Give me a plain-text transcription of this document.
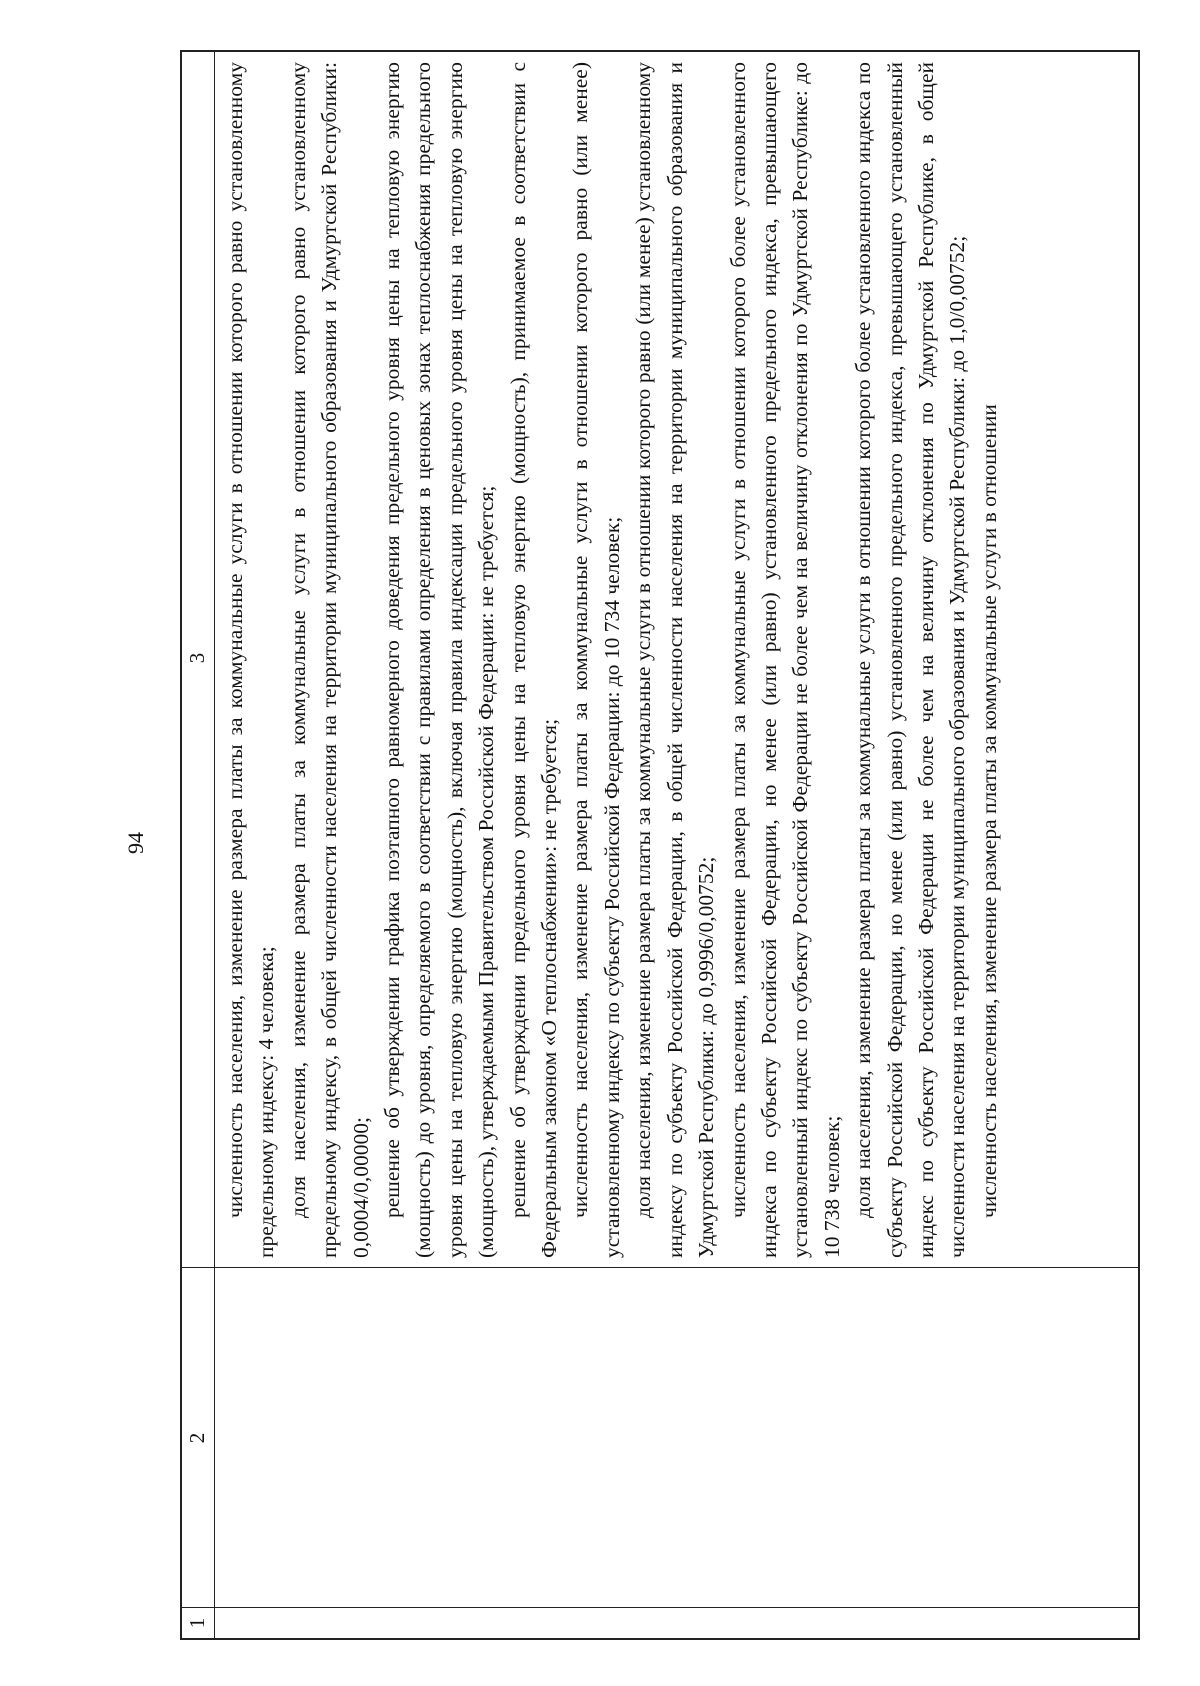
94
1
2
3 численность населения, изменение размера платы за коммунальные услуги в отношении которого равно установленному предельному индексу: 4 человека; доля населения, изменение размера платы за коммунальные услуги в отношении которого равно установленному предельному индексу, в общей численности населения на территории муниципального образования и Удмуртской Республики: 0,0004/0,00000; решение об утверждении графика поэтапного равномерного доведения предельного уровня цены на тепловую энергию (мощность) до уровня, определяемого в соответствии с правилами определения в ценовых зонах теплоснабжения предельного уровня цены на тепловую энергию (мощность), включая правила индексации предельного уровня цены на тепловую энергию (мощность), утверждаемыми Правительством Российской Федерации: не требуется; решение об утверждении предельного уровня цены на тепловую энергию (мощность), принимаемое в соответствии с Федеральным законом «О теплоснабжении»: не требуется; численность населения, изменение размера платы за коммунальные услуги в отношении которого равно (или менее) установленному индексу по субъекту Российской Федерации: до 10 734 человек; доля населения, изменение размера платы за коммунальные услуги в отношении которого равно (или менее) установленному индексу по субъекту Российской Федерации, в общей численности населения на территории муниципального образования и Удмуртской Республики: до 0,9996/0,00752; численность населения, изменение размера платы за коммунальные услуги в отношении которого более установленного индекса по субъекту Российской Федерации, но менее (или равно) установленного предельного индекса, превышающего установленный индекс по субъекту Российской Федерации не более чем на величину отклонения по Удмуртской Республике: до 10 738 человек; доля населения, изменение размера платы за коммунальные услуги в отношении которого более установленного индекса по субъекту Российской Федерации, но менее (или равно) установленного предельного индекса, превышающего установленный индекс по субъекту Российской Федерации не более чем на величину отклонения по Удмуртской Республике, в общей численности населения на территории муниципального образования и Удмуртской Республики: до 1,0/0,00752; численность населения, изменение размера платы за коммунальные услуги в отношении
